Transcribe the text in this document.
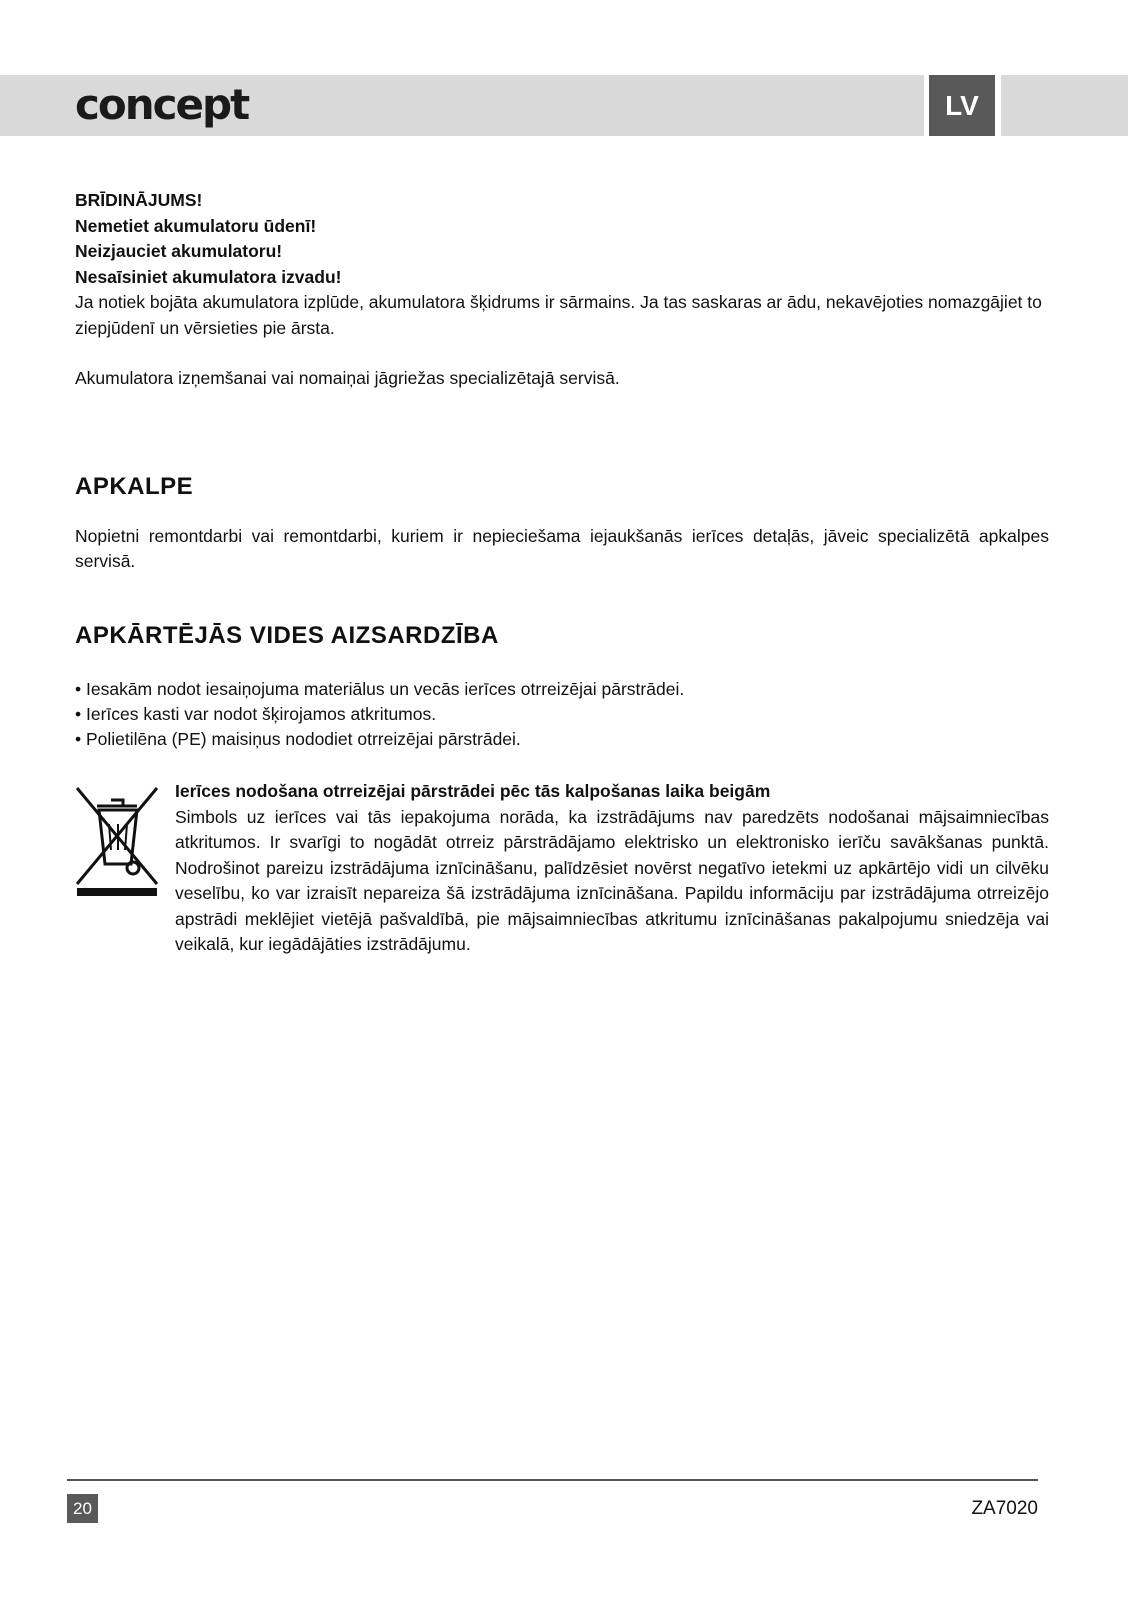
concept	LV
BRĪDINĀJUMS!
Nemetiet akumulatoru ūdenī!
Neizjauciet akumulatoru!
Nesaīsiniet akumulatora izvadu!

Ja notiek bojāta akumulatora izplūde, akumulatora šķidrums ir sārmains. Ja tas saskaras ar ādu, nekavējoties nomazgājiet to ziepjūdenī un vērsieties pie ārsta.

Akumulatora izņemšanai vai nomaiņai jāgriežas specializētajā servisā.

APKALPE
Nopietni remontdarbi vai remontdarbi, kuriem ir nepieciešama iejaukšanās ierīces detaļās, jāveic specializētā apkalpes servisā.
APKĀRTĒJĀS VIDES AIZSARDZĪBA
• Iesakām nodot iesaiņojuma materiālus un vecās ierīces otrreizējai pārstrādei.
• Ierīces kasti var nodot šķirojamos atkritumos.
• Polietilēna (PE) maisiņus nododiet otrreizējai pārstrādei.
Ierīces nodošana otrreizējai pārstrādei pēc tās kalpošanas laika beigām

Simbols uz ierīces vai tās iepakojuma norāda, ka izstrādājums nav paredzēts nodošanai mājsaimniecības atkritumos. Ir svarīgi to nogādāt otrreiz pārstrādājamo elektrisko un elektronisko ierīču savākšanas punktā. Nodrošinot pareizu izstrādājuma iznīcināšanu, palīdzēsiet novērst negatīvo ietekmi uz apkārtējo vidi un cilvēku veselību, ko var izraisīt nepareiza šā izstrādājuma iznīcināšana. Papildu informāciju par izstrādājuma otrreizējo apstrādi meklējiet vietējā pašvaldībā, pie mājsaimniecības atkritumu iznīcināšanas pakalpojumu sniedzēja vai veikalā, kur iegādājāties izstrādājumu.

20	ZA7020
